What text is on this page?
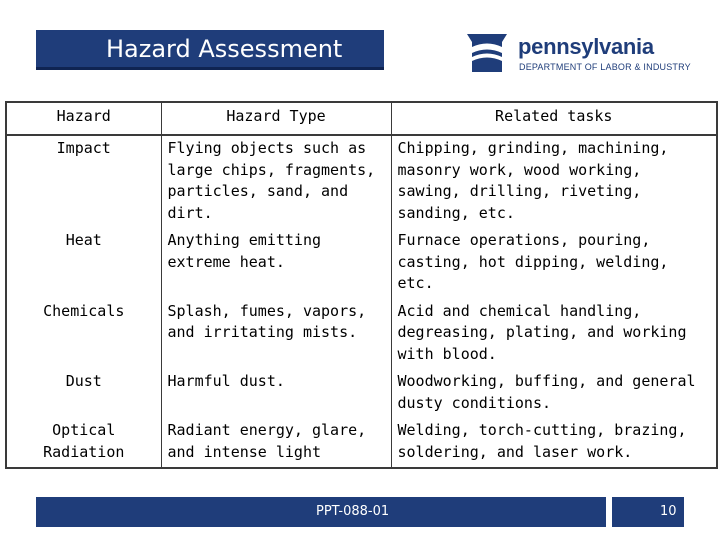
Hazard Assessment	pennsylvania
DEPARTMENT OF LABOR & INDUSTRY
Hazard	Hazard Type	Related tasks
Impact	Flying objects such as large chips, fragments, particles, sand, and dirt.	Chipping, grinding, machining, masonry work, wood working, sawing, drilling, riveting, sanding, etc.
Heat	Anything emitting extreme heat.	Furnace operations, pouring, casting, hot dipping, welding, etc.
Chemicals	Splash, fumes, vapors, and irritating mists.	Acid and chemical handling, degreasing, plating, and working with blood.
Dust	Harmful dust.	Woodworking, buffing, and general dusty conditions.
Optical Radiation	Radiant energy, glare, and intense light	Welding, torch-cutting, brazing, soldering, and laser work.
PPT-088-01	10
